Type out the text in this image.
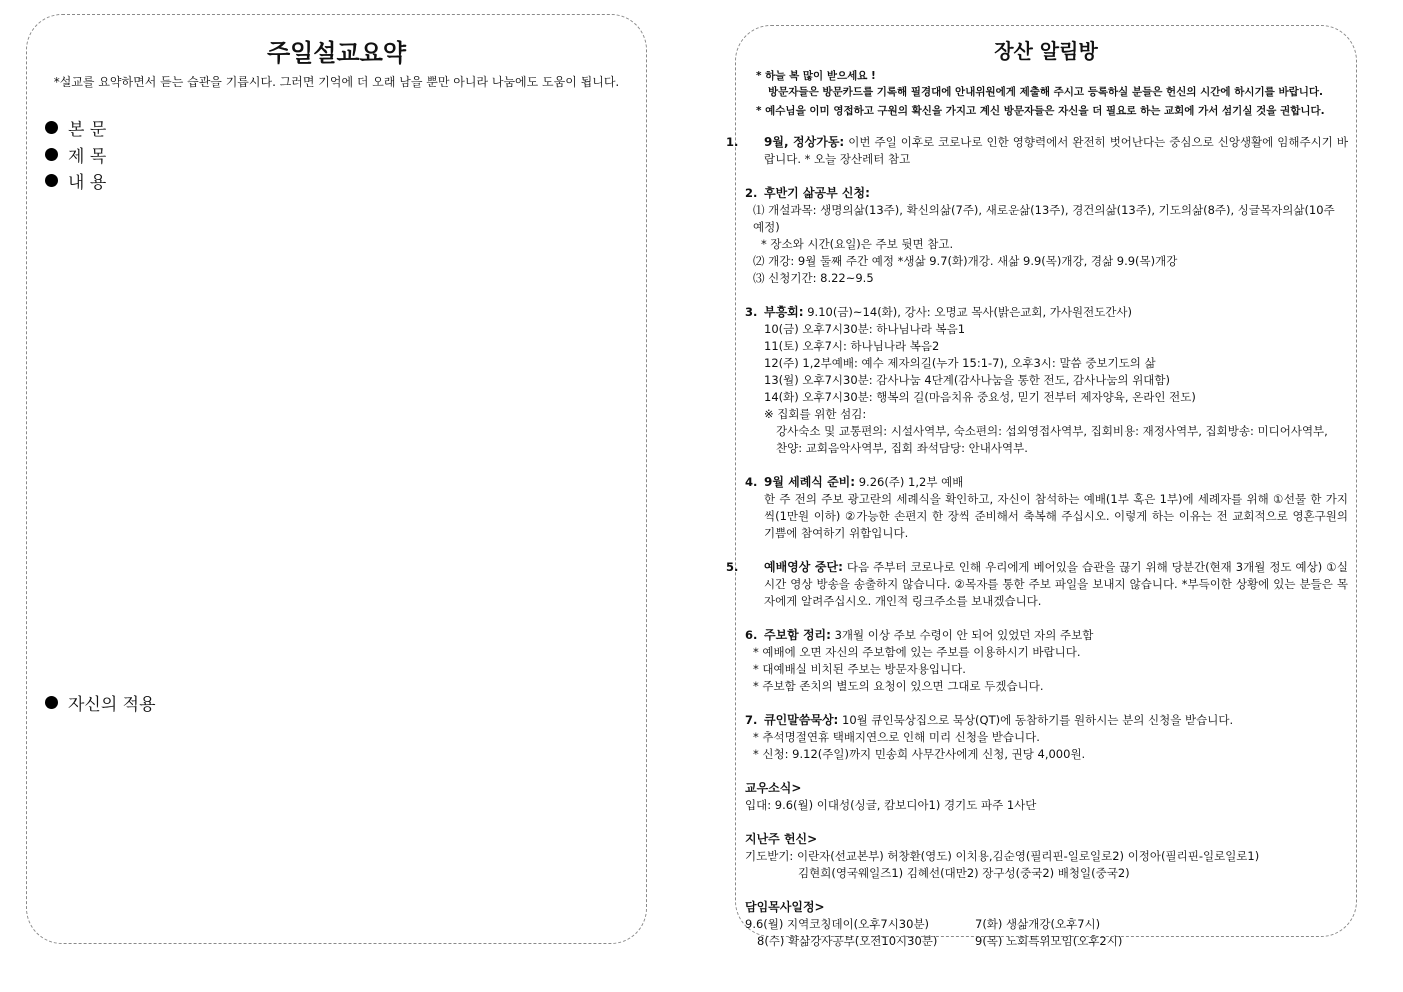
주일설교요약
*설교를 요약하면서 듣는 습관을 기릅시다. 그러면 기억에 더 오래 남을 뿐만 아니라 나눔에도 도움이 됩니다.
본 문
제 목
내 용
자신의 적용
장산 알림방
* 하늘 복 많이 받으세요 !
방문자들은 방문카드를 기록해 필경대에 안내위원에게 제출해 주시고 등록하실 분들은 헌신의 시간에 하시기를 바랍니다.
* 예수님을 이미 영접하고 구원의 확신을 가지고 계신 방문자들은 자신을 더 필요로 하는 교회에 가서 섬기실 것을 권합니다.
1. 9월, 정상가동: 이번 주일 이후로 코로나로 인한 영향력에서 완전히 벗어난다는 중심으로 신앙생활에 임해주시기 바랍니다. * 오늘 장산레터 참고
2. 후반기 삶공부 신청:
⑴ 개설과목: 생명의삶(13주), 확신의삶(7주), 새로운삶(13주), 경건의삶(13주), 기도의삶(8주), 싱글목자의삶(10주 예정)
* 장소와 시간(요일)은 주보 뒷면 참고.
⑵ 개강: 9월 둘째 주간 예정 *생삶 9.7(화)개강. 새삶 9.9(목)개강, 경삶 9.9(목)개강
⑶ 신청기간: 8.22~9.5
3. 부흥회: 9.10(금)~14(화), 강사: 오명교 목사(밝은교회, 가사원전도간사)
10(금) 오후7시30분: 하나님나라 복음1
11(토) 오후7시: 하나님나라 복음2
12(주) 1,2부예배: 예수 제자의길(누가 15:1-7), 오후3시: 말씀 중보기도의 삶
13(월) 오후7시30분: 감사나눔 4단계(감사나눔을 통한 전도, 감사나눔의 위대함)
14(화) 오후7시30분: 행복의 길(마음치유 중요성, 믿기 전부터 제자양육, 온라인 전도)
※ 집회를 위한 섬김:
강사숙소 및 교통편의: 시설사역부, 숙소편의: 섭외영접사역부, 집회비용: 재정사역부, 집회방송: 미디어사역부,
찬양: 교회음악사역부, 집회 좌석담당: 안내사역부.
4. 9월 세례식 준비: 9.26(주) 1,2부 예배
한 주 전의 주보 광고란의 세례식을 확인하고, 자신이 참석하는 예배(1부 혹은 1부)에 세례자를 위해 ①선물 한 가지씩(1만원 이하) ②가능한 손편지 한 장씩 준비해서 축복해 주십시오. 이렇게 하는 이유는 전 교회적으로 영혼구원의 기쁨에 참여하기 위함입니다.
5. 예배영상 중단: 다음 주부터 코로나로 인해 우리에게 베어있을 습관을 끊기 위해 당분간(현재 3개월 정도 예상) ①실시간 영상 방송을 송출하지 않습니다. ②목자를 통한 주보 파일을 보내지 않습니다. *부득이한 상황에 있는 분들은 목자에게 알려주십시오. 개인적 링크주소를 보내겠습니다.
6. 주보함 정리: 3개월 이상 주보 수령이 안 되어 있었던 자의 주보함
* 예배에 오면 자신의 주보함에 있는 주보를 이용하시기 바랍니다.
* 대예배실 비치된 주보는 방문자용입니다.
* 주보함 존치의 별도의 요청이 있으면 그대로 두겠습니다.
7. 큐인말씀묵상: 10월 큐인묵상집으로 묵상(QT)에 동참하기를 원하시는 분의 신청을 받습니다.
* 추석명절연휴 택배지연으로 인해 미리 신청을 받습니다.
* 신청: 9.12(주일)까지 민송희 사무간사에게 신청, 권당 4,000원.
교우소식>
입대: 9.6(월) 이대성(싱글, 캄보디아1) 경기도 파주 1사단
지난주 헌신>
기도받기: 이란자(선교본부) 허창환(영도) 이치용,김순영(필리핀-일로일로2) 이정아(필리핀-일로일로1)
김현희(영국웨일즈1) 김혜선(대만2) 장구성(중국2) 배청일(중국2)
담임목사일정>
9.6(월) 지역코칭데이(오후7시30분)	7(화) 생삶개강(오후7시)
8(수) 확삶강사공부(오전10시30분)	9(목) 노회특위모임(오후2시)
